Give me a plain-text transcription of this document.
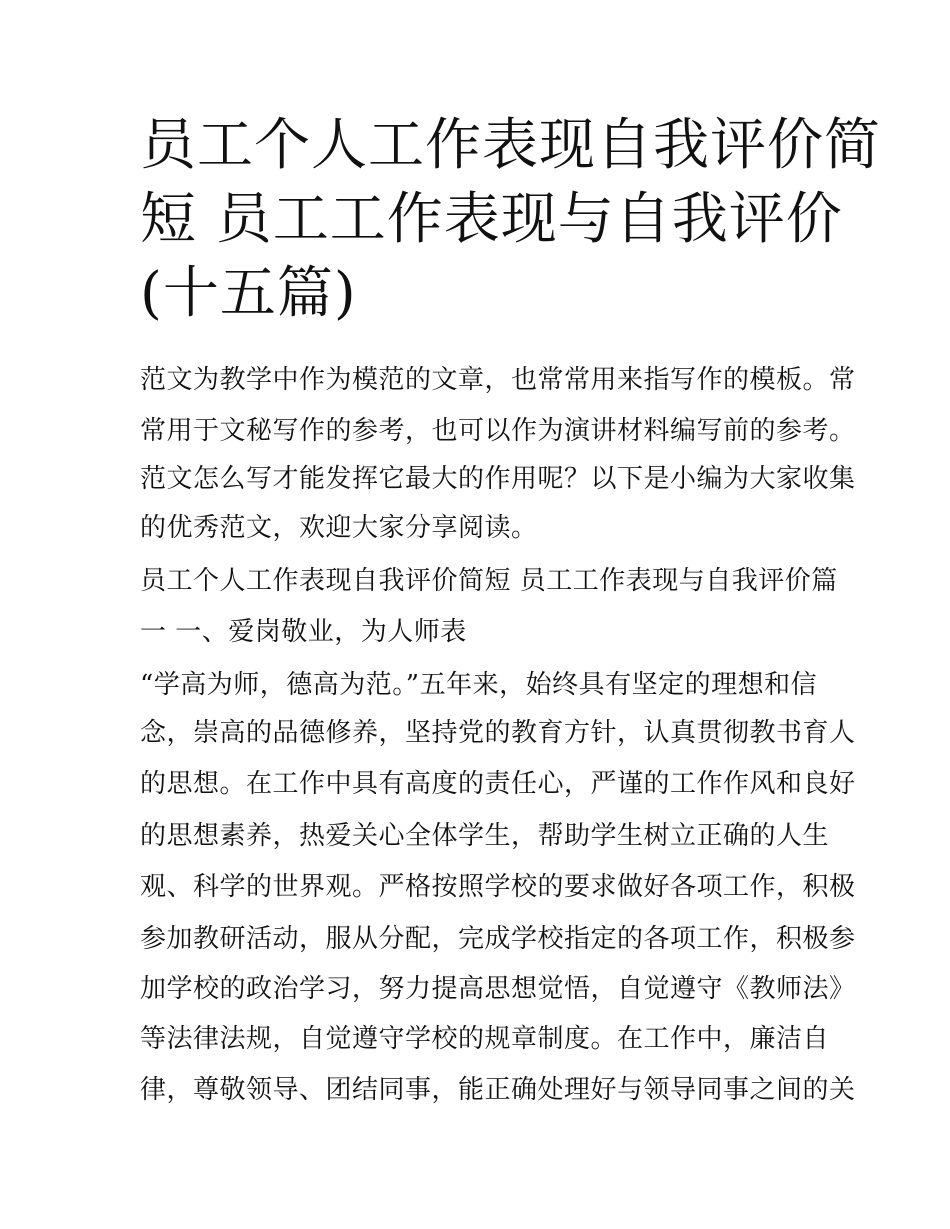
员工个人工作表现自我评价简
短 员工工作表现与自我评价
(十五篇)

范文为教学中作为模范的文章，也常常用来指写作的模板。常

常用于文秘写作的参考，也可以作为演讲材料编写前的参考。

范文怎么写才能发挥它最大的作用呢？以下是小编为大家收集

的优秀范文，欢迎大家分享阅读。

员工个人工作表现自我评价简短 员工工作表现与自我评价篇

一 一、爱岗敬业，为人师表

“学高为师，德高为范。”五年来，始终具有坚定的理想和信

念，崇高的品德修养，坚持党的教育方针，认真贯彻教书育人

的思想。在工作中具有高度的责任心，严谨的工作作风和良好

的思想素养，热爱关心全体学生，帮助学生树立正确的人生

观、科学的世界观。严格按照学校的要求做好各项工作，积极

参加教研活动，服从分配，完成学校指定的各项工作，积极参

加学校的政治学习，努力提高思想觉悟，自觉遵守《教师法》

等法律法规，自觉遵守学校的规章制度。在工作中，廉洁自

律，尊敬领导、团结同事，能正确处理好与领导同事之间的关
